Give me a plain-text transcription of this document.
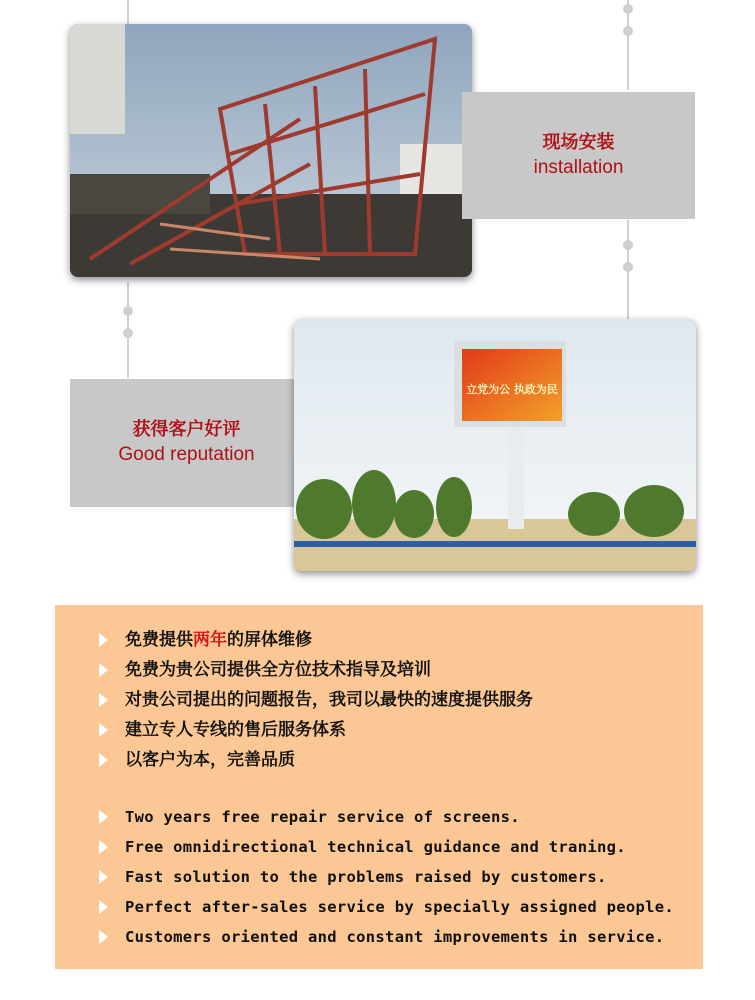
现场安装
installation
获得客户好评
Good reputation
立党为公 执政为民
免费提供两年的屏体维修
免费为贵公司提供全方位技术指导及培训
对贵公司提出的问题报告，我司以最快的速度提供服务
建立专人专线的售后服务体系
以客户为本，完善品质
Two years free repair service of screens.
Free omnidirectional technical guidance and traning.
Fast solution to the problems raised by customers.
Perfect after-sales service by specially assigned people.
Customers oriented and constant improvements in service.
